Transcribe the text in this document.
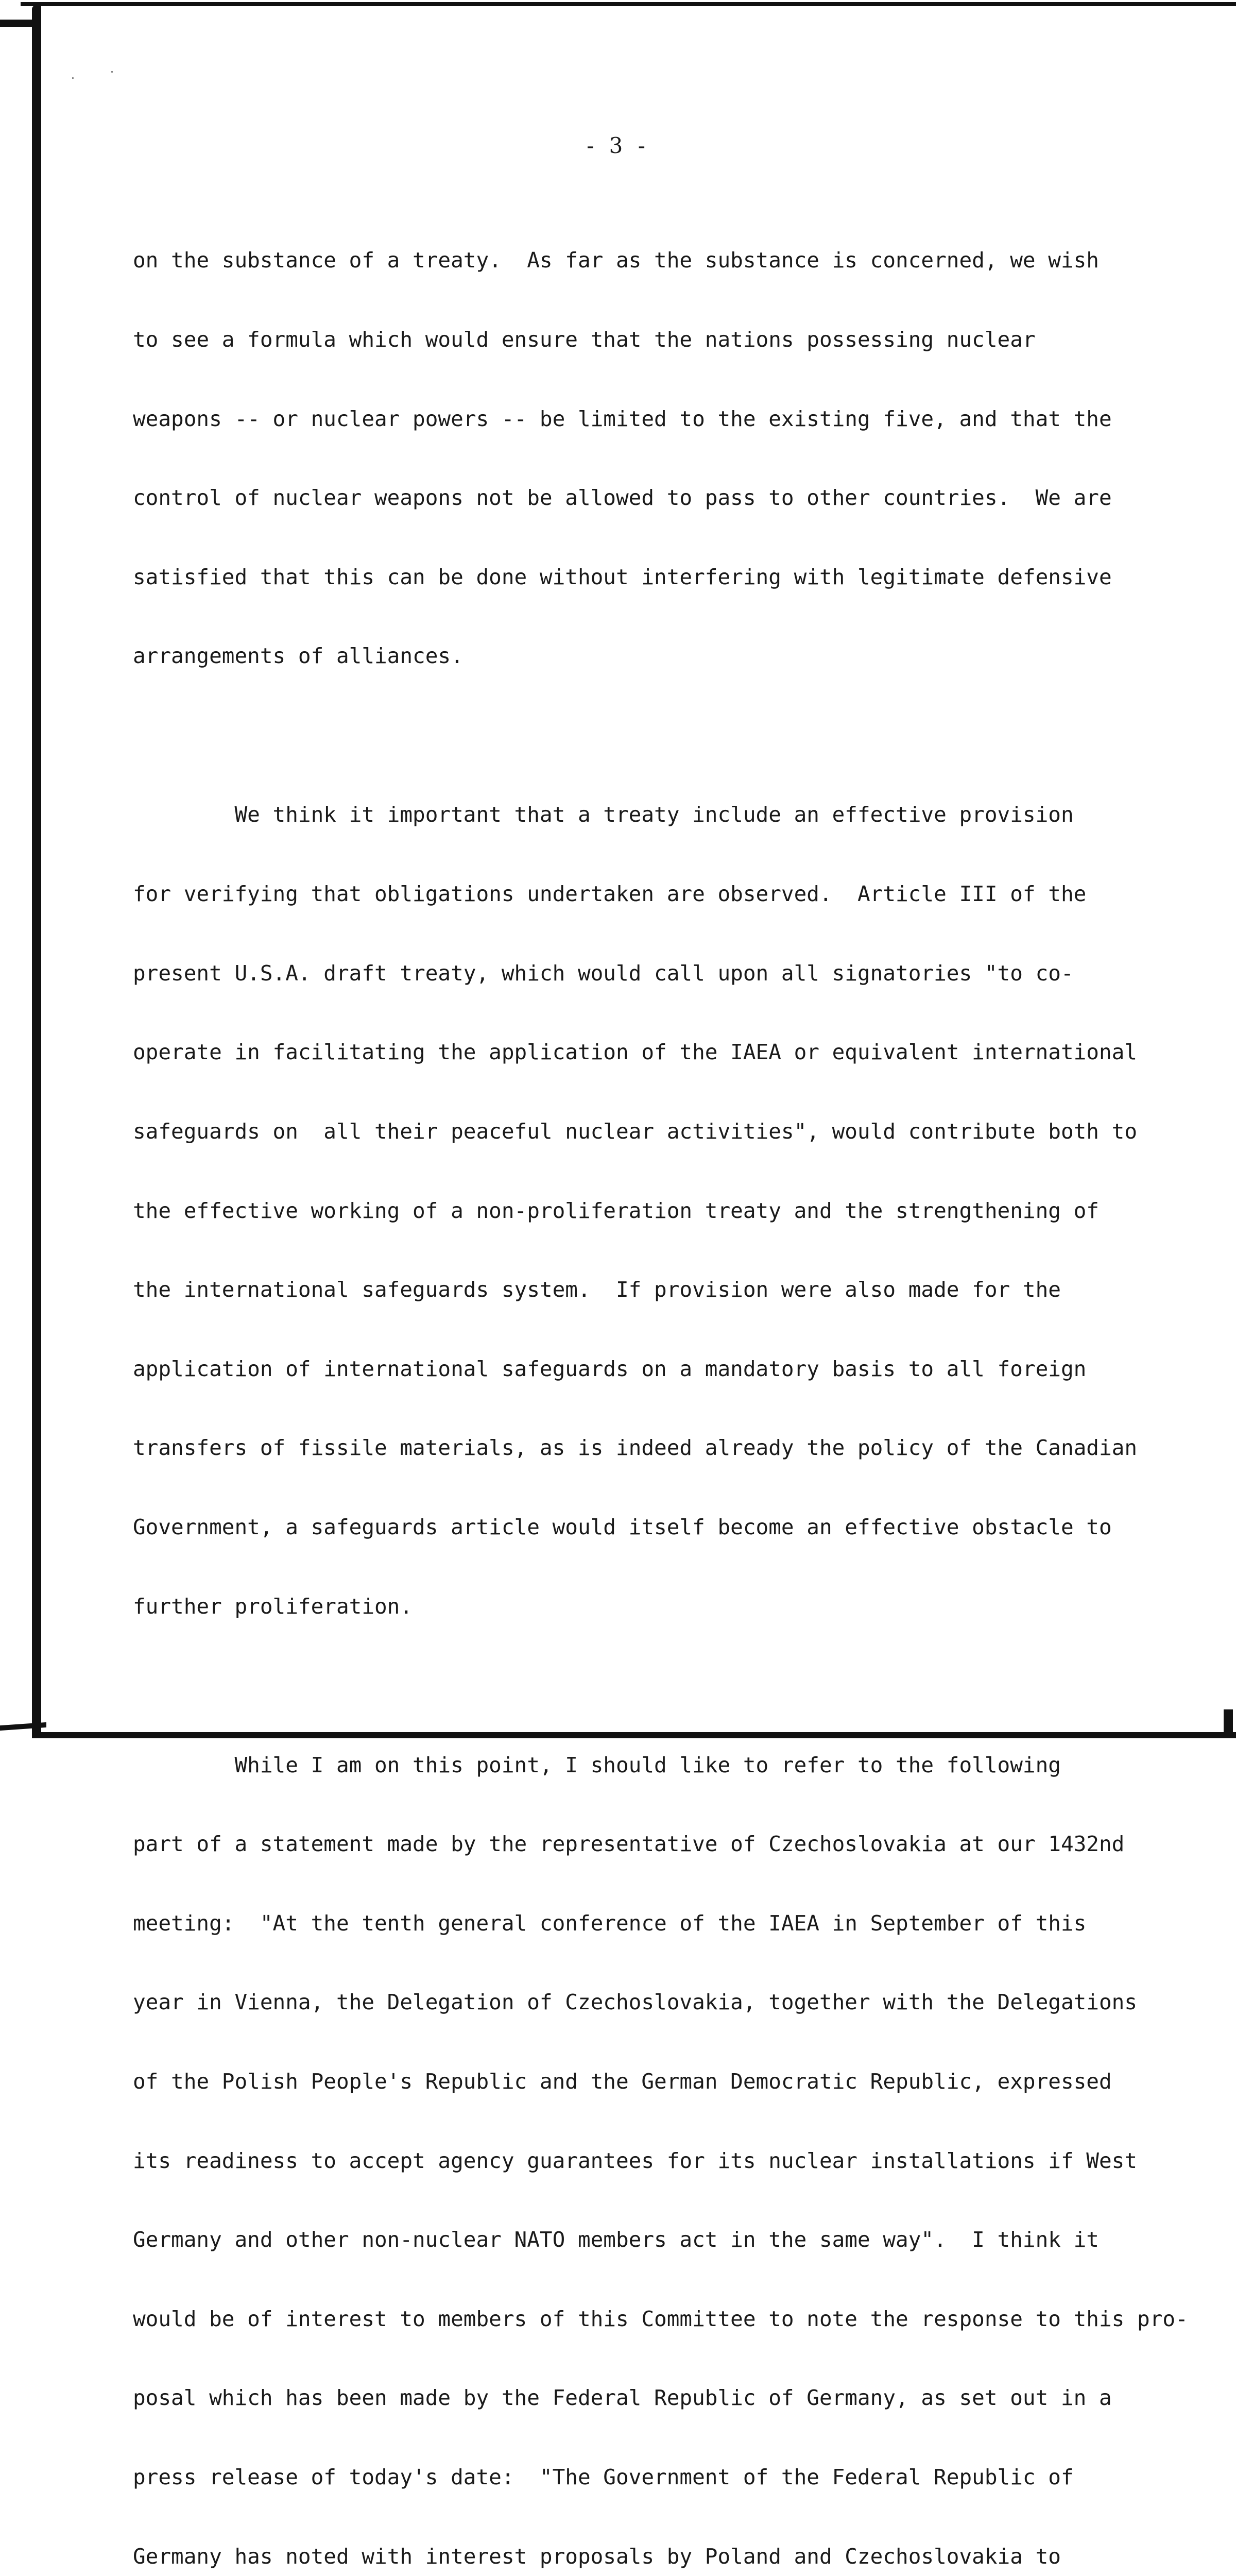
- 3 -

on the substance of a treaty.  As far as the substance is concerned, we wish

to see a formula which would ensure that the nations possessing nuclear

weapons -- or nuclear powers -- be limited to the existing five, and that the

control of nuclear weapons not be allowed to pass to other countries.  We are

satisfied that this can be done without interfering with legitimate defensive

arrangements of alliances.

We think it important that a treaty include an effective provision

for verifying that obligations undertaken are observed.  Article III of the

present U.S.A. draft treaty, which would call upon all signatories "to co-

operate in facilitating the application of the IAEA or equivalent international

safeguards on  all their peaceful nuclear activities", would contribute both to

the effective working of a non-proliferation treaty and the strengthening of

the international safeguards system.  If provision were also made for the

application of international safeguards on a mandatory basis to all foreign

transfers of fissile materials, as is indeed already the policy of the Canadian

Government, a safeguards article would itself become an effective obstacle to

further proliferation.

While I am on this point, I should like to refer to the following

part of a statement made by the representative of Czechoslovakia at our 1432nd

meeting:  "At the tenth general conference of the IAEA in September of this

year in Vienna, the Delegation of Czechoslovakia, together with the Delegations

of the Polish People's Republic and the German Democratic Republic, expressed

its readiness to accept agency guarantees for its nuclear installations if West

Germany and other non-nuclear NATO members act in the same way".  I think it

would be of interest to members of this Committee to note the response to this pro-

posal which has been made by the Federal Republic of Germany, as set out in a

press release of today's date:  "The Government of the Federal Republic of

Germany has noted with interest proposals by Poland and Czechoslovakia to
